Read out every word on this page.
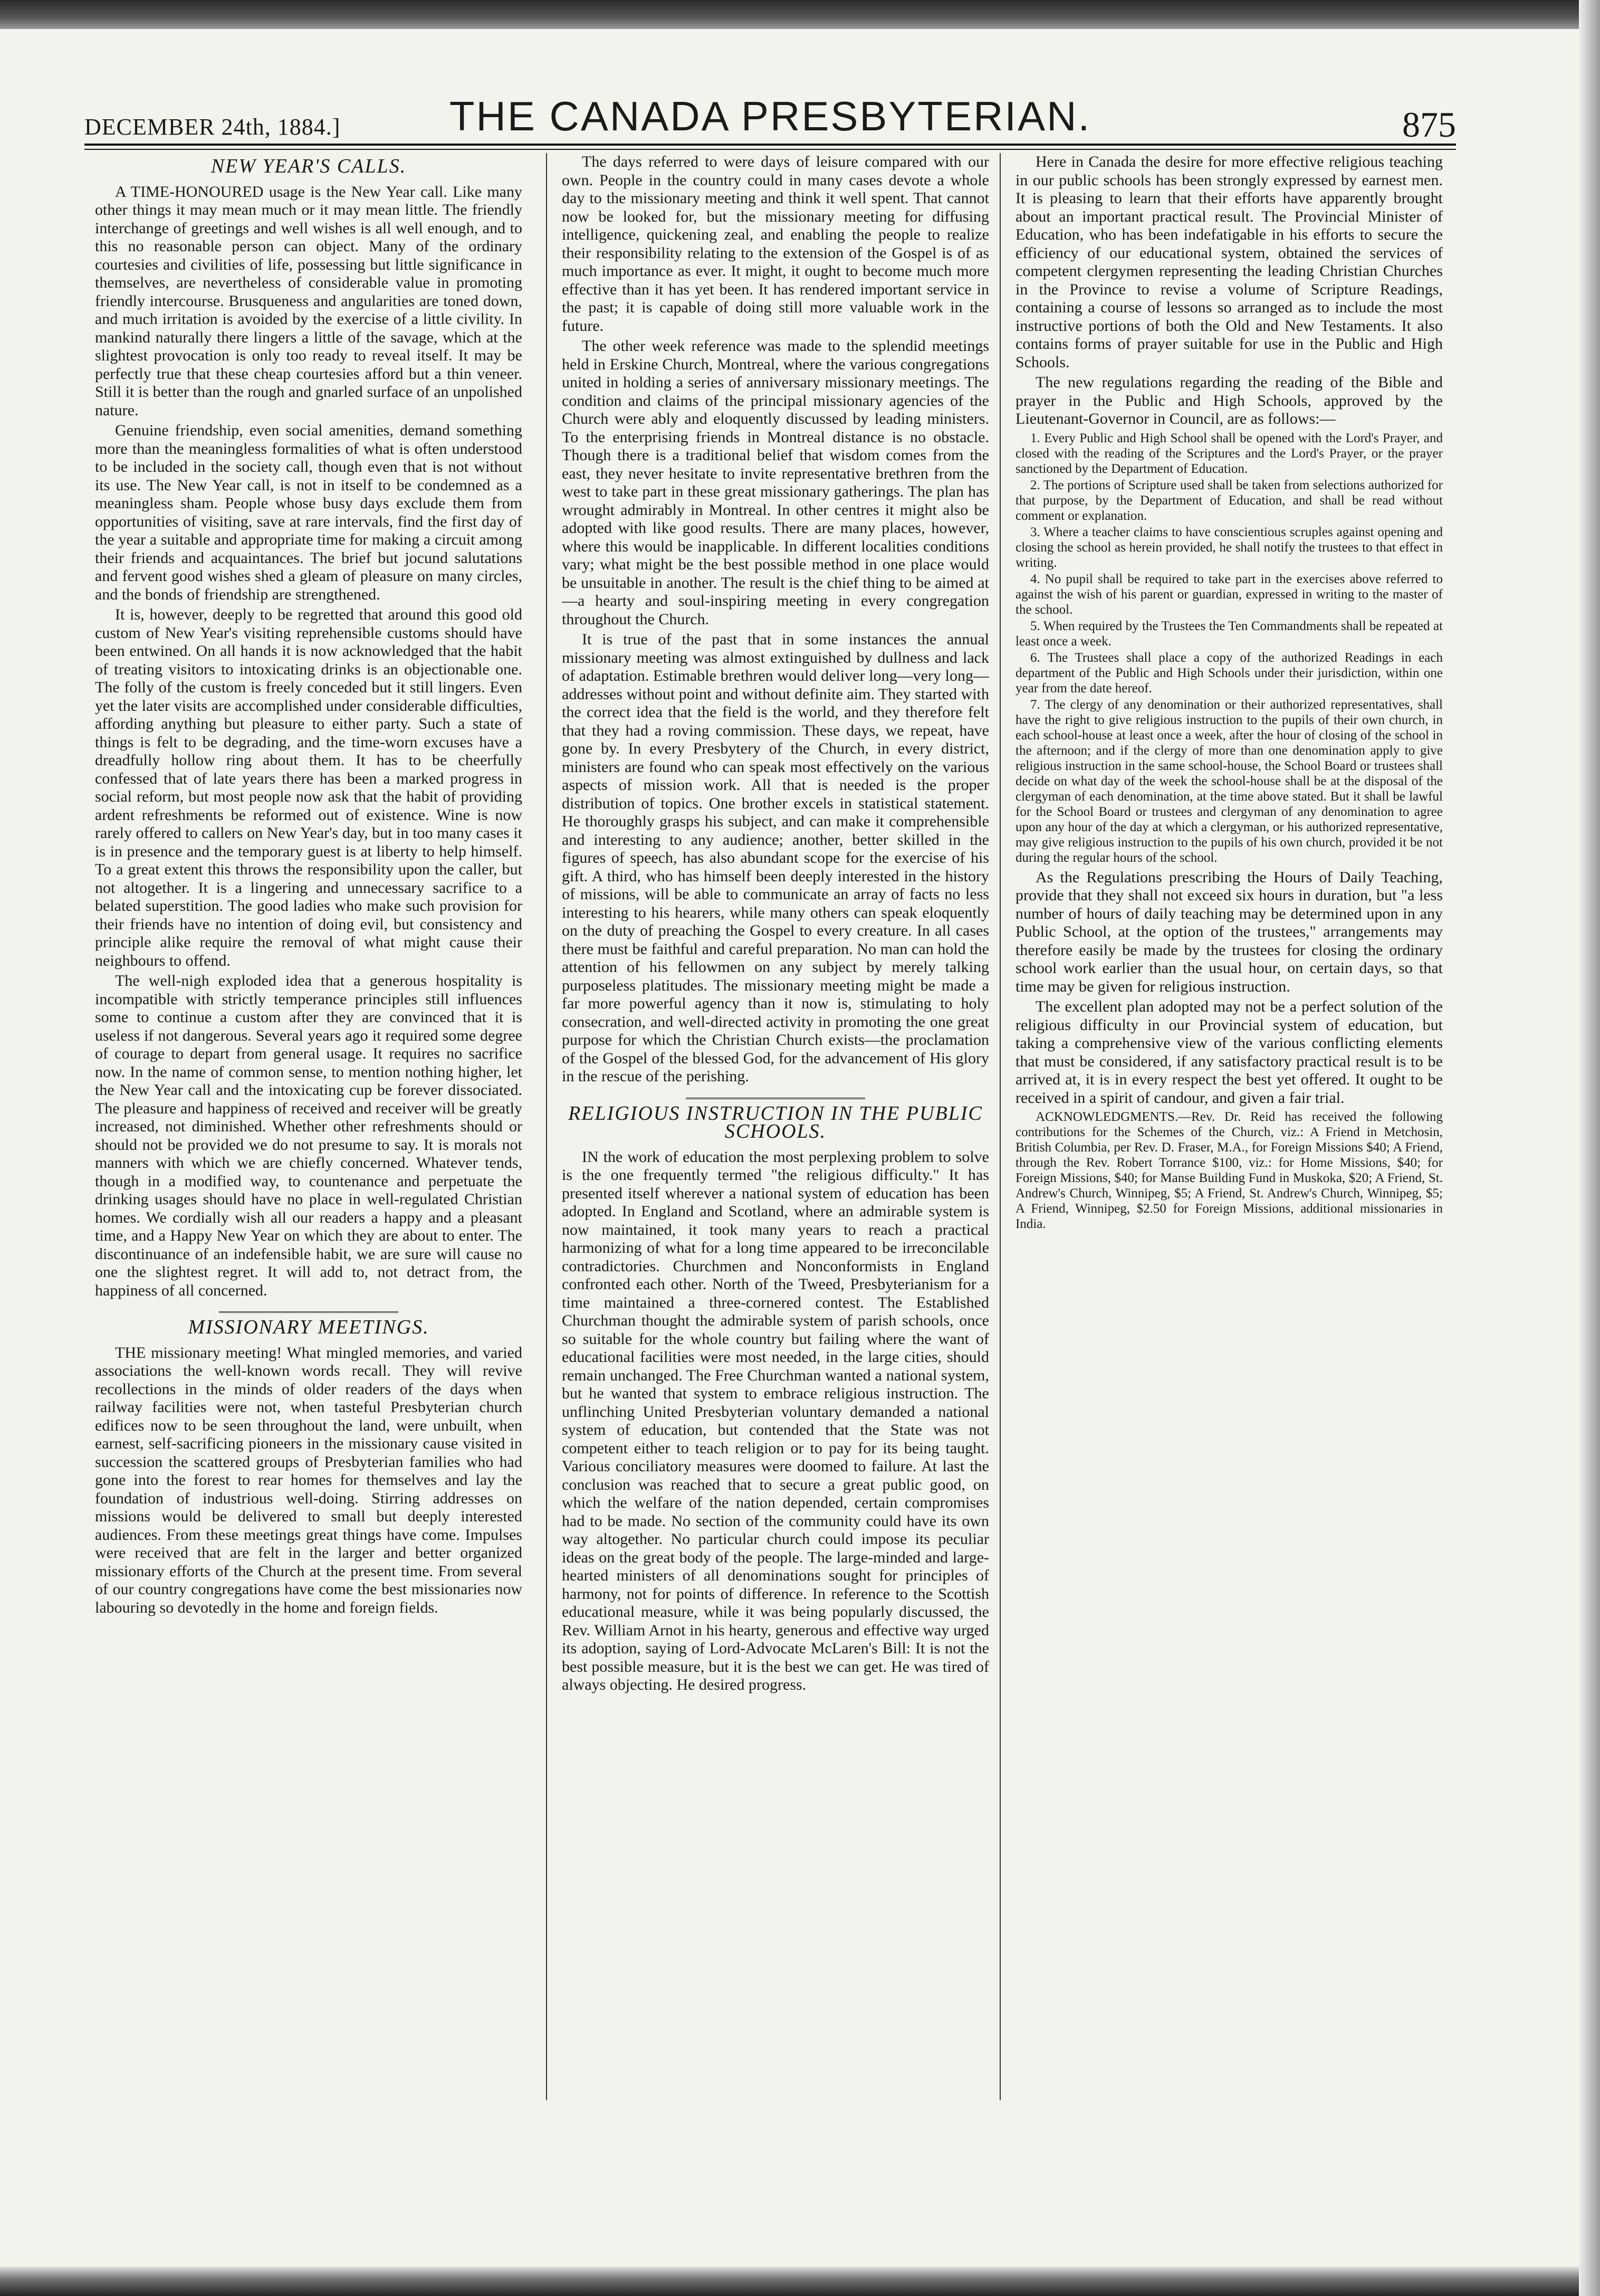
DECEMBER 24th, 1884.]	THE CANADA PRESBYTERIAN.	875
NEW YEAR'S CALLS.

A TIME-HONOURED usage is the New Year call. Like many other things it may mean much or it may mean little. The friendly interchange of greetings and well wishes is all well enough, and to this no reasonable person can object. Many of the ordinary courtesies and civilities of life, possessing but little significance in themselves, are nevertheless of considerable value in promoting friendly intercourse. Brusqueness and angularities are toned down, and much irritation is avoided by the exercise of a little civility. In mankind naturally there lingers a little of the savage, which at the slightest provocation is only too ready to reveal itself. It may be perfectly true that these cheap courtesies afford but a thin veneer. Still it is better than the rough and gnarled surface of an unpolished nature.

Genuine friendship, even social amenities, demand something more than the meaningless formalities of what is often understood to be included in the society call, though even that is not without its use. The New Year call, is not in itself to be condemned as a meaningless sham. People whose busy days exclude them from opportunities of visiting, save at rare intervals, find the first day of the year a suitable and appropriate time for making a circuit among their friends and acquaintances. The brief but jocund salutations and fervent good wishes shed a gleam of pleasure on many circles, and the bonds of friendship are strengthened.

It is, however, deeply to be regretted that around this good old custom of New Year's visiting reprehensible customs should have been entwined. On all hands it is now acknowledged that the habit of treating visitors to intoxicating drinks is an objectionable one. The folly of the custom is freely conceded but it still lingers. Even yet the later visits are accomplished under considerable difficulties, affording anything but pleasure to either party. Such a state of things is felt to be degrading, and the time-worn excuses have a dreadfully hollow ring about them. It has to be cheerfully confessed that of late years there has been a marked progress in social reform, but most people now ask that the habit of providing ardent refreshments be reformed out of existence. Wine is now rarely offered to callers on New Year's day, but in too many cases it is in presence and the temporary guest is at liberty to help himself. To a great extent this throws the responsibility upon the caller, but not altogether. It is a lingering and unnecessary sacrifice to a belated superstition. The good ladies who make such provision for their friends have no intention of doing evil, but consistency and principle alike require the removal of what might cause their neighbours to offend.

The well-nigh exploded idea that a generous hospitality is incompatible with strictly temperance principles still influences some to continue a custom after they are convinced that it is useless if not dangerous. Several years ago it required some degree of courage to depart from general usage. It requires no sacrifice now. In the name of common sense, to mention nothing higher, let the New Year call and the intoxicating cup be forever dissociated. The pleasure and happiness of received and receiver will be greatly increased, not diminished. Whether other refreshments should or should not be provided we do not presume to say. It is morals not manners with which we are chiefly concerned. Whatever tends, though in a modified way, to countenance and perpetuate the drinking usages should have no place in well-regulated Christian homes. We cordially wish all our readers a happy and a pleasant time, and a Happy New Year on which they are about to enter. The discontinuance of an indefensible habit, we are sure will cause no one the slightest regret. It will add to, not detract from, the happiness of all concerned.

MISSIONARY MEETINGS.

THE missionary meeting! What mingled memories, and varied associations the well-known words recall. They will revive recollections in the minds of older readers of the days when railway facilities were not, when tasteful Presbyterian church edifices now to be seen throughout the land, were unbuilt, when earnest, self-sacrificing pioneers in the missionary cause visited in succession the scattered groups of Presbyterian families who had gone into the forest to rear homes for themselves and lay the foundation of industrious well-doing. Stirring addresses on missions would be delivered to small but deeply interested audiences. From these meetings great things have come. Impulses were received that are felt in the larger and better organized missionary efforts of the Church at the present time. From several of our country congregations have come the best missionaries now labouring so devotedly in the home and foreign fields.

The days referred to were days of leisure compared with our own. People in the country could in many cases devote a whole day to the missionary meeting and think it well spent. That cannot now be looked for, but the missionary meeting for diffusing intelligence, quickening zeal, and enabling the people to realize their responsibility relating to the extension of the Gospel is of as much importance as ever. It might, it ought to become much more effective than it has yet been. It has rendered important service in the past; it is capable of doing still more valuable work in the future.

The other week reference was made to the splendid meetings held in Erskine Church, Montreal, where the various congregations united in holding a series of anniversary missionary meetings. The condition and claims of the principal missionary agencies of the Church were ably and eloquently discussed by leading ministers. To the enterprising friends in Montreal distance is no obstacle. Though there is a traditional belief that wisdom comes from the east, they never hesitate to invite representative brethren from the west to take part in these great missionary gatherings. The plan has wrought admirably in Montreal. In other centres it might also be adopted with like good results. There are many places, however, where this would be inapplicable. In different localities conditions vary; what might be the best possible method in one place would be unsuitable in another. The result is the chief thing to be aimed at—a hearty and soul-inspiring meeting in every congregation throughout the Church.

It is true of the past that in some instances the annual missionary meeting was almost extinguished by dullness and lack of adaptation. Estimable brethren would deliver long—very long—addresses without point and without definite aim. They started with the correct idea that the field is the world, and they therefore felt that they had a roving commission. These days, we repeat, have gone by. In every Presbytery of the Church, in every district, ministers are found who can speak most effectively on the various aspects of mission work. All that is needed is the proper distribution of topics. One brother excels in statistical statement. He thoroughly grasps his subject, and can make it comprehensible and interesting to any audience; another, better skilled in the figures of speech, has also abundant scope for the exercise of his gift. A third, who has himself been deeply interested in the history of missions, will be able to communicate an array of facts no less interesting to his hearers, while many others can speak eloquently on the duty of preaching the Gospel to every creature. In all cases there must be faithful and careful preparation. No man can hold the attention of his fellowmen on any subject by merely talking purposeless platitudes. The missionary meeting might be made a far more powerful agency than it now is, stimulating to holy consecration, and well-directed activity in promoting the one great purpose for which the Christian Church exists—the proclamation of the Gospel of the blessed God, for the advancement of His glory in the rescue of the perishing.

RELIGIOUS INSTRUCTION IN THE PUBLIC SCHOOLS.

IN the work of education the most perplexing problem to solve is the one frequently termed "the religious difficulty." It has presented itself wherever a national system of education has been adopted. In England and Scotland, where an admirable system is now maintained, it took many years to reach a practical harmonizing of what for a long time appeared to be irreconcilable contradictories. Churchmen and Nonconformists in England confronted each other. North of the Tweed, Presbyterianism for a time maintained a three-cornered contest. The Established Churchman thought the admirable system of parish schools, once so suitable for the whole country but failing where the want of educational facilities were most needed, in the large cities, should remain unchanged. The Free Churchman wanted a national system, but he wanted that system to embrace religious instruction. The unflinching United Presbyterian voluntary demanded a national system of education, but contended that the State was not competent either to teach religion or to pay for its being taught. Various conciliatory measures were doomed to failure. At last the conclusion was reached that to secure a great public good, on which the welfare of the nation depended, certain compromises had to be made. No section of the community could have its own way altogether. No particular church could impose its peculiar ideas on the great body of the people. The large-minded and large-hearted ministers of all denominations sought for principles of harmony, not for points of difference. In reference to the Scottish educational measure, while it was being popularly discussed, the Rev. William Arnot in his hearty, generous and effective way urged its adoption, saying of Lord-Advocate McLaren's Bill: It is not the best possible measure, but it is the best we can get. He was tired of always objecting. He desired progress.

Here in Canada the desire for more effective religious teaching in our public schools has been strongly expressed by earnest men. It is pleasing to learn that their efforts have apparently brought about an important practical result. The Provincial Minister of Education, who has been indefatigable in his efforts to secure the efficiency of our educational system, obtained the services of competent clergymen representing the leading Christian Churches in the Province to revise a volume of Scripture Readings, containing a course of lessons so arranged as to include the most instructive portions of both the Old and New Testaments. It also contains forms of prayer suitable for use in the Public and High Schools.

The new regulations regarding the reading of the Bible and prayer in the Public and High Schools, approved by the Lieutenant-Governor in Council, are as follows:—

1. Every Public and High School shall be opened with the Lord's Prayer, and closed with the reading of the Scriptures and the Lord's Prayer, or the prayer sanctioned by the Department of Education.
2. The portions of Scripture used shall be taken from selections authorized for that purpose, by the Department of Education, and shall be read without comment or explanation.
3. Where a teacher claims to have conscientious scruples against opening and closing the school as herein provided, he shall notify the trustees to that effect in writing.
4. No pupil shall be required to take part in the exercises above referred to against the wish of his parent or guardian, expressed in writing to the master of the school.
5. When required by the Trustees the Ten Commandments shall be repeated at least once a week.
6. The Trustees shall place a copy of the authorized Readings in each department of the Public and High Schools under their jurisdiction, within one year from the date hereof.
7. The clergy of any denomination or their authorized representatives, shall have the right to give religious instruction to the pupils of their own church, in each school-house at least once a week, after the hour of closing of the school in the afternoon; and if the clergy of more than one denomination apply to give religious instruction in the same school-house, the School Board or trustees shall decide on what day of the week the school-house shall be at the disposal of the clergyman of each denomination, at the time above stated. But it shall be lawful for the School Board or trustees and clergyman of any denomination to agree upon any hour of the day at which a clergyman, or his authorized representative, may give religious instruction to the pupils of his own church, provided it be not during the regular hours of the school.

As the Regulations prescribing the Hours of Daily Teaching, provide that they shall not exceed six hours in duration, but "a less number of hours of daily teaching may be determined upon in any Public School, at the option of the trustees," arrangements may therefore easily be made by the trustees for closing the ordinary school work earlier than the usual hour, on certain days, so that time may be given for religious instruction.

The excellent plan adopted may not be a perfect solution of the religious difficulty in our Provincial system of education, but taking a comprehensive view of the various conflicting elements that must be considered, if any satisfactory practical result is to be arrived at, it is in every respect the best yet offered. It ought to be received in a spirit of candour, and given a fair trial.

ACKNOWLEDGMENTS.—Rev. Dr. Reid has received the following contributions for the Schemes of the Church, viz.: A Friend in Metchosin, British Columbia, per Rev. D. Fraser, M.A., for Foreign Missions $40; A Friend, through the Rev. Robert Torrance $100, viz.: for Home Missions, $40; for Foreign Missions, $40; for Manse Building Fund in Muskoka, $20; A Friend, St. Andrew's Church, Winnipeg, $5; A Friend, St. Andrew's Church, Winnipeg, $5; A Friend, Winnipeg, $2.50 for Foreign Missions, additional missionaries in India.
